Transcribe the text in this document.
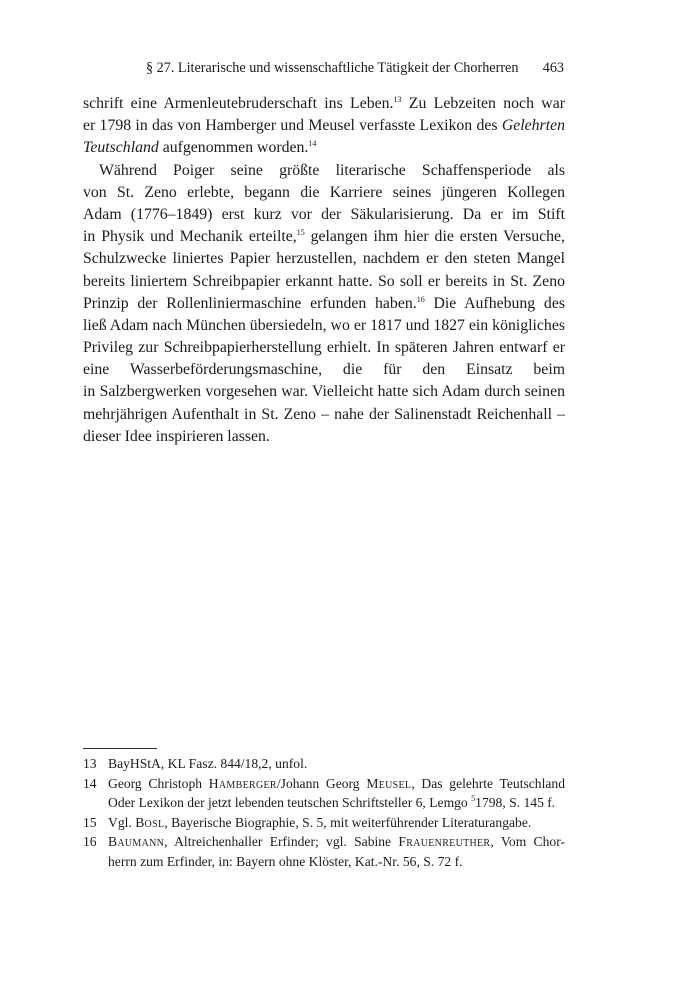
§ 27. Literarische und wissenschaftliche Tätigkeit der Chorherren 463
schrift eine Armenleutebruderschaft ins Leben.$^{13}$ Zu Lebzeiten noch war
er 1798 in das von Hamberger und Meusel verfasste Lexikon des Gelehrten
Teutschland aufgenommen worden.$^{14}$
Während Poiger seine größte literarische Schaffensperiode als
von St. Zeno erlebte, begann die Karriere seines jüngeren Kollegen
Adam (1776–1849) erst kurz vor der Säkularisierung. Da er im Stift
in Physik und Mechanik erteilte,$^{15}$ gelangen ihm hier die ersten Versuche,
Schulzwecke liniertes Papier herzustellen, nachdem er den steten Mangel
bereits liniertem Schreibpapier erkannt hatte. So soll er bereits in St. Zeno
Prinzip der Rollenliniermaschine erfunden haben.$^{16}$ Die Aufhebung des
ließ Adam nach München übersiedeln, wo er 1817 und 1827 ein königliches
Privileg zur Schreibpapierherstellung erhielt. In späteren Jahren entwarf er
eine Wasserbeförderungsmaschine, die für den Einsatz beim
in Salzbergwerken vorgesehen war. Vielleicht hatte sich Adam durch seinen
mehrjährigen Aufenthalt in St. Zeno – nahe der Salinenstadt Reichenhall –
dieser Idee inspirieren lassen.
13 BayHStA, KL Fasz. 844/18,2, unfol.
14 Georg Christoph Hamberger/Johann Georg Meusel, Das gelehrte Teutschland
Oder Lexikon der jetzt lebenden teutschen Schriftsteller 6, Lemgo $^5$1798, S. 145 f.
15 Vgl. Bosl, Bayerische Biographie, S. 5, mit weiterführender Literaturangabe.
16 Baumann, Altreichenhaller Erfinder; vgl. Sabine Frauenreuther, Vom Chor-
herrn zum Erfinder, in: Bayern ohne Klöster, Kat.-Nr. 56, S. 72 f.
